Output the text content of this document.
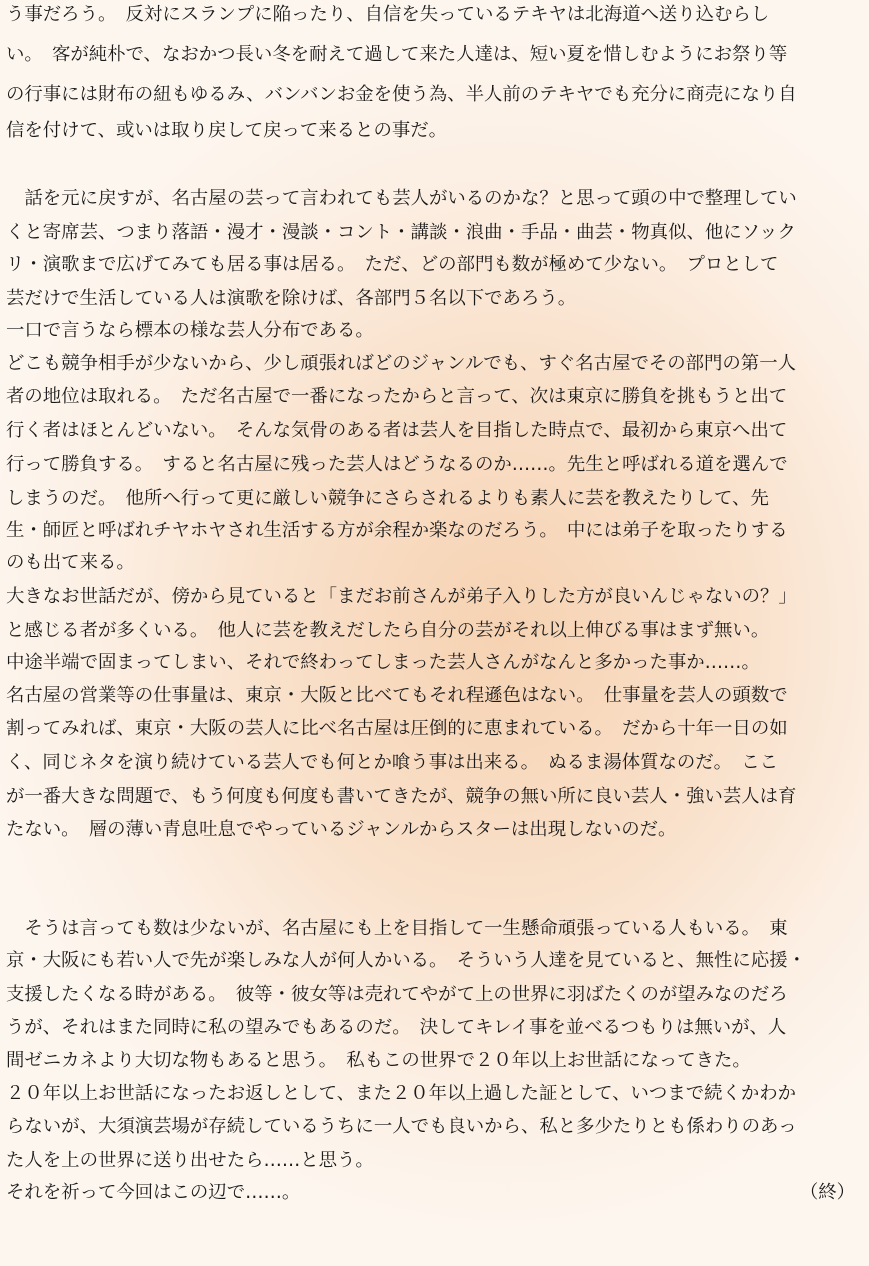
う事だろう。　反対にスランプに陥ったり、自信を失っているテキヤは北海道へ送り込むらし
い。　客が純朴で、なおかつ長い冬を耐えて過して来た人達は、短い夏を惜しむようにお祭り等
の行事には財布の紐もゆるみ、バンバンお金を使う為、半人前のテキヤでも充分に商売になり自
信を付けて、或いは取り戻して戻って来るとの事だ。
　話を元に戻すが、名古屋の芸って言われても芸人がいるのかな？と思って頭の中で整理してい
くと寄席芸、つまり落語・漫才・漫談・コント・講談・浪曲・手品・曲芸・物真似、他にソック
リ・演歌まで広げてみても居る事は居る。　ただ、どの部門も数が極めて少ない。　プロとして
芸だけで生活している人は演歌を除けば、各部門５名以下であろう。
一口で言うなら標本の様な芸人分布である。
どこも競争相手が少ないから、少し頑張ればどのジャンルでも、すぐ名古屋でその部門の第一人
者の地位は取れる。　ただ名古屋で一番になったからと言って、次は東京に勝負を挑もうと出て
行く者はほとんどいない。　そんな気骨のある者は芸人を目指した時点で、最初から東京へ出て
行って勝負する。　すると名古屋に残った芸人はどうなるのか……。先生と呼ばれる道を選んで
しまうのだ。　他所へ行って更に厳しい競争にさらされるよりも素人に芸を教えたりして、先
生・師匠と呼ばれチヤホヤされ生活する方が余程か楽なのだろう。　中には弟子を取ったりする
のも出て来る。
大きなお世話だが、傍から見ていると「まだお前さんが弟子入りした方が良いんじゃないの？」
と感じる者が多くいる。　他人に芸を教えだしたら自分の芸がそれ以上伸びる事はまず無い。
中途半端で固まってしまい、それで終わってしまった芸人さんがなんと多かった事か……。
名古屋の営業等の仕事量は、東京・大阪と比べてもそれ程遜色はない。　仕事量を芸人の頭数で
割ってみれば、東京・大阪の芸人に比べ名古屋は圧倒的に恵まれている。　だから十年一日の如
く、同じネタを演り続けている芸人でも何とか喰う事は出来る。　ぬるま湯体質なのだ。　ここ
が一番大きな問題で、もう何度も何度も書いてきたが、競争の無い所に良い芸人・強い芸人は育
たない。　層の薄い青息吐息でやっているジャンルからスターは出現しないのだ。
　そうは言っても数は少ないが、名古屋にも上を目指して一生懸命頑張っている人もいる。　東
京・大阪にも若い人で先が楽しみな人が何人かいる。　そういう人達を見ていると、無性に応援・
支援したくなる時がある。　彼等・彼女等は売れてやがて上の世界に羽ばたくのが望みなのだろ
うが、それはまた同時に私の望みでもあるのだ。　決してキレイ事を並べるつもりは無いが、人
間ゼニカネより大切な物もあると思う。　私もこの世界で２０年以上お世話になってきた。
２０年以上お世話になったお返しとして、また２０年以上過した証として、いつまで続くかわか
らないが、大須演芸場が存続しているうちに一人でも良いから、私と多少たりとも係わりのあっ
た人を上の世界に送り出せたら……と思う。
それを祈って今回はこの辺で……。	（終）
